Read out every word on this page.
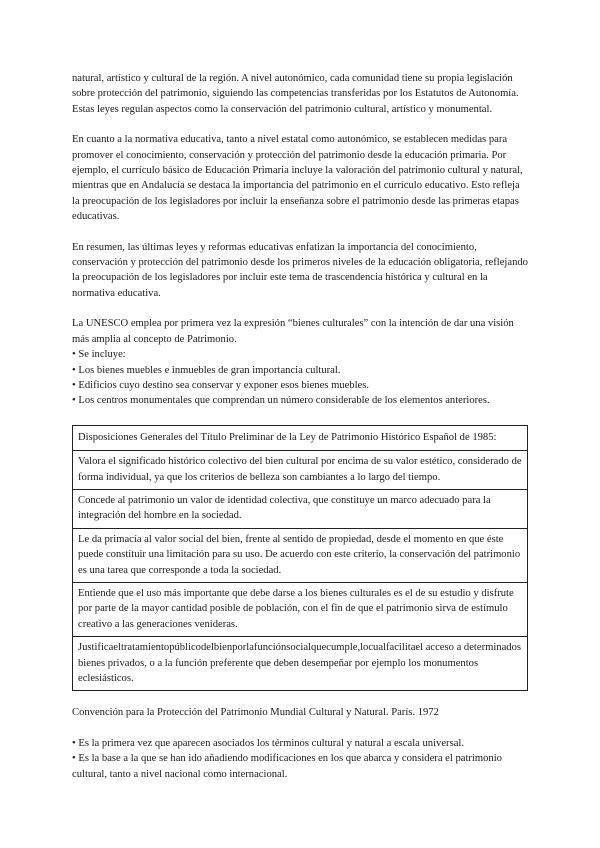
natural, artístico y cultural de la región. A nivel autonómico, cada comunidad tiene su propia legislación sobre protección del patrimonio, siguiendo las competencias transferidas por los Estatutos de Autonomía. Estas leyes regulan aspectos como la conservación del patrimonio cultural, artístico y monumental.

En cuanto a la normativa educativa, tanto a nivel estatal como autonómico, se establecen medidas para promover el conocimiento, conservación y protección del patrimonio desde la educación primaria. Por ejemplo, el currículo básico de Educación Primaria incluye la valoración del patrimonio cultural y natural, mientras que en Andalucía se destaca la importancia del patrimonio en el currículo educativo. Esto refleja la preocupación de los legisladores por incluir la enseñanza sobre el patrimonio desde las primeras etapas educativas.

En resumen, las últimas leyes y reformas educativas enfatizan la importancia del conocimiento, conservación y protección del patrimonio desde los primeros niveles de la educación obligatoria, reflejando la preocupación de los legisladores por incluir este tema de trascendencia histórica y cultural en la normativa educativa.

La UNESCO emplea por primera vez la expresión “bienes culturales” con la intención de dar una visión más amplia al concepto de Patrimonio.

• Se incluye:
• Los bienes muebles e inmuebles de gran importancia cultural.
• Edificios cuyo destino sea conservar y exponer esos bienes muebles.
• Los centros monumentales que comprendan un número considerable de los elementos anteriores.
Disposiciones Generales del Título Preliminar de la Ley de Patrimonio Histórico Español de 1985:
Valora el significado histórico colectivo del bien cultural por encima de su valor estético, considerado de forma individual, ya que los criterios de belleza son cambiantes a lo largo del tiempo.
Concede al patrimonio un valor de identidad colectiva, que constituye un marco adecuado para la integración del hombre en la sociedad.
Le da primacía al valor social del bien, frente al sentido de propiedad, desde el momento en que éste puede constituir una limitación para su uso. De acuerdo con este criterio, la conservación del patrimonio es una tarea que corresponde a toda la sociedad.
Entiende que el uso más importante que debe darse a los bienes culturales es el de su estudio y disfrute por parte de la mayor cantidad posible de población, con el fin de que el patrimonio sirva de estímulo creativo a las generaciones venideras.
Justificaeltratamientopúblicodelbienporlafunciónsocialquecumple,locualfacilitael acceso a determinados bienes privados, o a la función preferente que deben desempeñar por ejemplo los monumentos eclesiásticos.

Convención para la Protección del Patrimonio Mundial Cultural y Natural. París. 1972

• Es la primera vez que aparecen asociados los términos cultural y natural a escala universal.
• Es la base a la que se han ido añadiendo modificaciones en los que abarca y considera el patrimonio cultural, tanto a nivel nacional como internacional.
